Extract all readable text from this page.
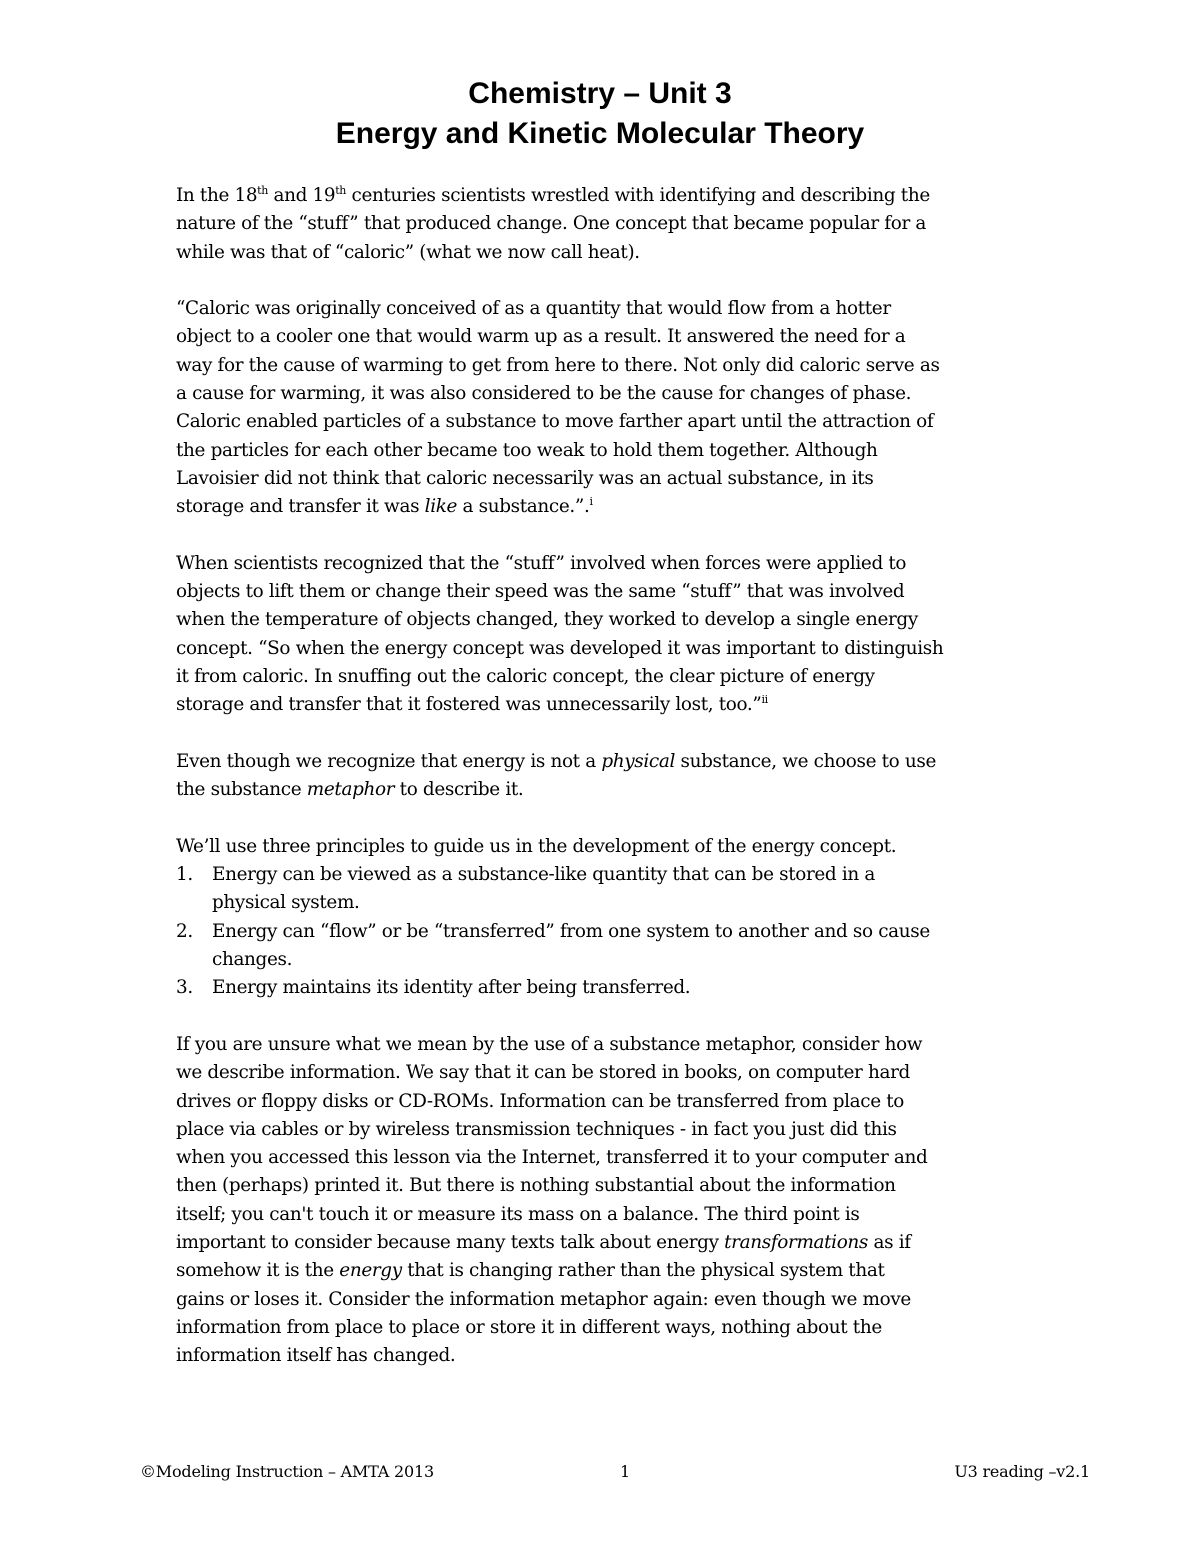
Chemistry – Unit 3
Energy and Kinetic Molecular Theory
In the 18th and 19th centuries scientists wrestled with identifying and describing the
nature of the “stuff” that produced change. One concept that became popular for a
while was that of “caloric” (what we now call heat).
“Caloric was originally conceived of as a quantity that would flow from a hotter
object to a cooler one that would warm up as a result. It answered the need for a
way for the cause of warming to get from here to there. Not only did caloric serve as
a cause for warming, it was also considered to be the cause for changes of phase.
Caloric enabled particles of a substance to move farther apart until the attraction of
the particles for each other became too weak to hold them together. Although
Lavoisier did not think that caloric necessarily was an actual substance, in its
storage and transfer it was like a substance.”.$^i$
When scientists recognized that the “stuff” involved when forces were applied to
objects to lift them or change their speed was the same “stuff” that was involved
when the temperature of objects changed, they worked to develop a single energy
concept. “So when the energy concept was developed it was important to distinguish
it from caloric. In snuffing out the caloric concept, the clear picture of energy
storage and transfer that it fostered was unnecessarily lost, too.”$^{ii}$
Even though we recognize that energy is not a physical substance, we choose to use
the substance metaphor to describe it.
We’ll use three principles to guide us in the development of the energy concept.
1. Energy can be viewed as a substance-like quantity that can be stored in a
physical system.
2. Energy can “flow” or be “transferred” from one system to another and so cause
changes.
3. Energy maintains its identity after being transferred.
If you are unsure what we mean by the use of a substance metaphor, consider how
we describe information. We say that it can be stored in books, on computer hard
drives or floppy disks or CD-ROMs. Information can be transferred from place to
place via cables or by wireless transmission techniques - in fact you just did this
when you accessed this lesson via the Internet, transferred it to your computer and
then (perhaps) printed it. But there is nothing substantial about the information
itself; you can't touch it or measure its mass on a balance. The third point is
important to consider because many texts talk about energy transformations as if
somehow it is the energy that is changing rather than the physical system that
gains or loses it. Consider the information metaphor again: even though we move
information from place to place or store it in different ways, nothing about the
information itself has changed.
©Modeling Instruction – AMTA 2013	1	U3 reading –v2.1
